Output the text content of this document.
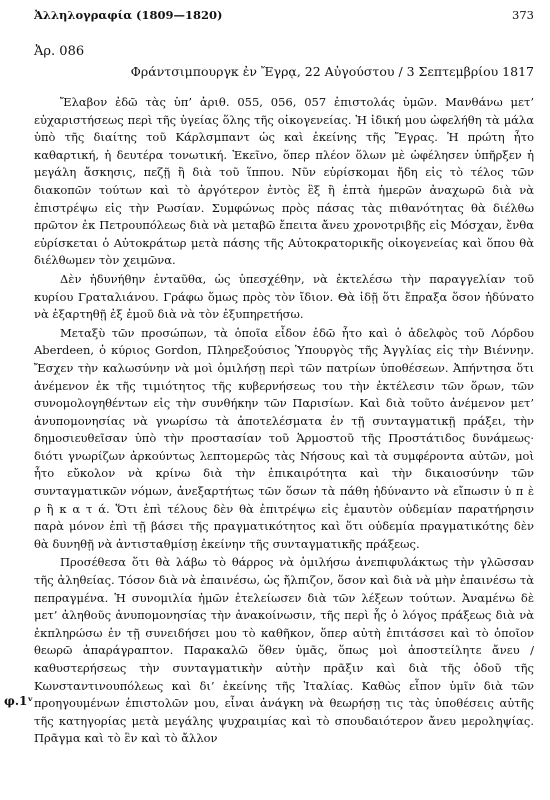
Ἀλληλογραφία (1809—1820)	373
Ἀρ. 086
Φράντσιμπουργκ ἐν Ἔγρᾳ, 22 Αὐγούστου / 3 Σεπτεμβρίου 1817

Ἔλαβον ἐδῶ τὰς ὑπ’ ἀριθ. 055, 056, 057 ἐπιστολάς ὑμῶν. Μανθάνω μετ’ εὐχαριστήσεως περὶ τῆς ὑγείας ὅλης τῆς οἰκογενείας. Ἡ ἰδική μου ὠφελήθη τὰ μάλα ὑπὸ τῆς διαίτης τοῦ Κάρλσμπαντ ὡς καὶ ἐκείνης τῆς Ἔγρας. Ἡ πρώτη ἦτο καθαρτική, ἡ δευτέρα τονωτική. Ἐκεῖνο, ὅπερ πλέον ὅλων μὲ ὠφέλησεν ὑπῆρξεν ἡ μεγάλη ἄσκησις, πεζῇ ἢ διὰ τοῦ ἵππου. Νῦν εὑρίσκομαι ἤδη εἰς τὸ τέλος τῶν διακοπῶν τούτων καὶ τὸ ἀργότερον ἐντὸς ἓξ ἢ ἑπτὰ ἡμερῶν ἀναχωρῶ διὰ νὰ ἐπιστρέψω εἰς τὴν Ρωσίαν. Συμφώνως πρὸς πάσας τὰς πιθανότητας θὰ διέλθω πρῶτον ἐκ Πετρουπόλεως διὰ νὰ μεταβῶ ἔπειτα ἄνευ χρονοτριβῆς εἰς Μόσχαν, ἔνθα εὑρίσκεται ὁ Αὐτοκράτωρ μετὰ πάσης τῆς Αὐτοκρατορικῆς οἰκογενείας καὶ ὅπου θὰ διέλθωμεν τὸν χειμῶνα.

Δὲν ἠδυνήθην ἐνταῦθα, ὡς ὑπεσχέθην, νὰ ἐκτελέσω τὴν παραγγελίαν τοῦ κυρίου Γραταλιάνου. Γράφω ὅμως πρὸς τὸν ἴδιον. Θὰ ἰδῇ ὅτι ἔπραξα ὅσον ἠδύνατο νὰ ἐξαρτηθῇ ἐξ ἐμοῦ διὰ νὰ τὸν ἐξυπηρετήσω.

Μεταξὺ τῶν προσώπων, τὰ ὁποῖα εἶδον ἐδῶ ἦτο καὶ ὁ ἀδελφὸς τοῦ Λόρδου Aberdeen, ὁ κύριος Gordon, Πληρεξούσιος Ὑπουργὸς τῆς Ἀγγλίας εἰς τὴν Βιέννην. Ἔσχεν τὴν καλωσύνην νὰ μοὶ ὁμιλήσῃ περὶ τῶν πατρίων ὑποθέσεων. Ἀπήντησα ὅτι ἀνέμενον ἐκ τῆς τιμιότητος τῆς κυβερνήσεως του τὴν ἐκτέλεσιν τῶν ὅρων, τῶν συνομολογηθέντων εἰς τὴν συνθήκην τῶν Παρισίων. Καὶ διὰ τοῦτο ἀνέμενον μετ’ ἀνυπομονησίας νὰ γνωρίσω τὰ ἀποτελέσματα ἐν τῇ συνταγματικῇ πράξει, τὴν δημοσιευθεῖσαν ὑπὸ τὴν προστασίαν τοῦ Ἁρμοστοῦ τῆς Προστάτιδος δυνάμεως· διότι γνωρίζων ἀρκούντως λεπτομερῶς τὰς Νήσους καὶ τὰ συμφέροντα αὐτῶν, μοὶ ἦτο εὔκολον νὰ κρίνω διὰ τὴν ἐπικαιρότητα καὶ τὴν δικαιοσύνην τῶν συνταγματικῶν νόμων, ἀνεξαρτήτως τῶν ὅσων τὰ πάθη ἠδύναντο νὰ εἴπωσιν ὑ π ὲ ρ ἢ κ α τ ά. Ὅτι ἐπὶ τέλους δὲν θὰ ἐπιτρέψω εἰς ἐμαυτὸν οὐδεμίαν παρατήρησιν παρὰ μόνον ἐπὶ τῇ βάσει τῆς πραγματικότητος καὶ ὅτι οὐδεμία πραγματικότης δὲν θὰ δυνηθῇ νὰ ἀντισταθμίσῃ ἐκείνην τῆς συνταγματικῆς πράξεως.

Προσέθεσα ὅτι θὰ λάβω τὸ θάρρος νὰ ὁμιλήσω ἀνεπιφυλάκτως τὴν γλῶσσαν τῆς ἀληθείας. Τόσον διὰ νὰ ἐπαινέσω, ὡς ἤλπιζον, ὅσον καὶ διὰ νὰ μὴν ἐπαινέσω τὰ πεπραγμένα. Ἡ συνομιλία ἡμῶν ἐτελείωσεν διὰ τῶν λέξεων τούτων. Ἀναμένω δὲ μετ’ ἀληθοῦς ἀνυπομονησίας τὴν ἀνακοίνωσιν, τῆς περὶ ἧς ὁ λόγος πράξεως διὰ νὰ ἐκπληρώσω ἐν τῇ συνειδήσει μου τὸ καθῆκον, ὅπερ αὐτὴ ἐπιτάσσει καὶ τὸ ὁποῖον θεωρῶ ἀπαράγραπτον. Παρακαλῶ ὅθεν ὑμᾶς, ὅπως μοὶ ἀποστείλητε ἄνευ / καθυστερήσεως τὴν συνταγματικὴν αὐτὴν πρᾶξιν καὶ διὰ τῆς ὁδοῦ τῆς Κωνσταντινουπόλεως καὶ δι’ ἐκείνης τῆς Ἰταλίας. Καθὼς εἶπον ὑμῖν διὰ τῶν προηγουμένων ἐπιστολῶν μου, εἶναι ἀνάγκη νὰ θεωρήσῃ τις τὰς ὑποθέσεις αὐτῆς τῆς κατηγορίας μετὰ μεγάλης ψυχραιμίας καὶ τὸ σπουδαιότερον ἄνευ μεροληψίας. Πρᾶγμα καὶ τὸ ἓν καὶ τὸ ἄλλον

φ.1ᵛ
